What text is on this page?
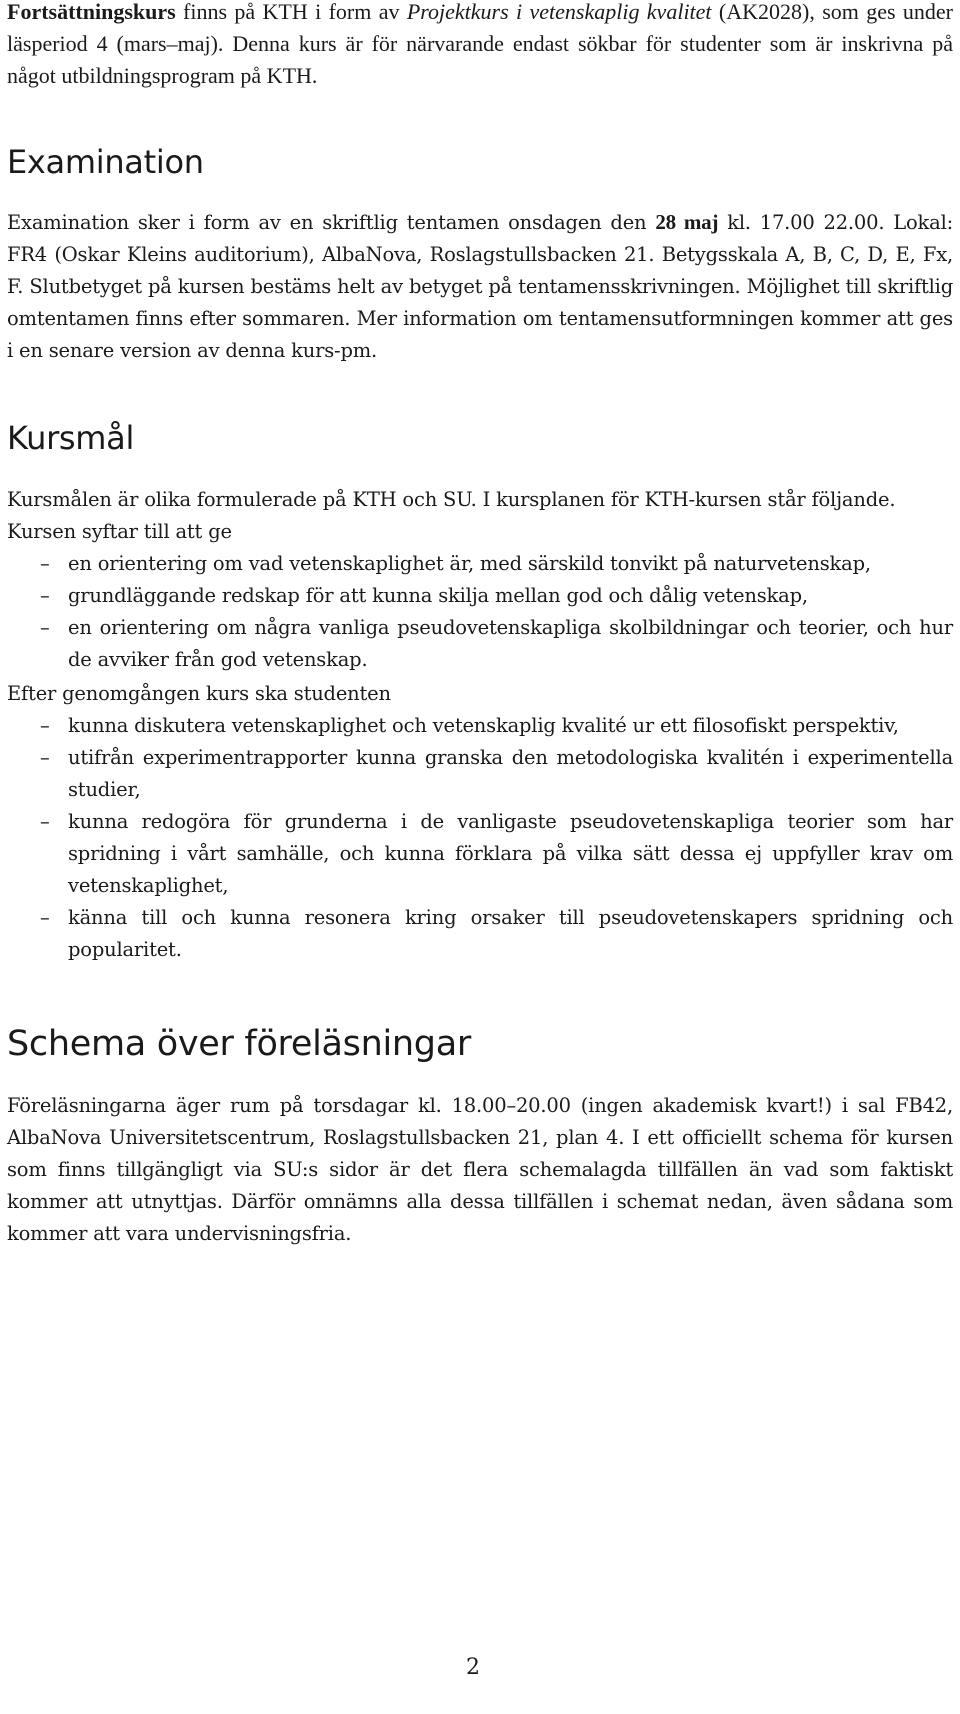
Fortsättningskurs finns på KTH i form av Projektkurs i vetenskaplig kvalitet (AK2028), som ges under läsperiod 4 (mars–maj). Denna kurs är för närvarande endast sökbar för studenter som är inskrivna på något utbildningsprogram på KTH.

Examination

Examination sker i form av en skriftlig tentamen onsdagen den 28 maj kl. 17.00 22.00. Lokal: FR4 (Oskar Kleins auditorium), AlbaNova, Roslagstullsbacken 21. Betygsskala A, B, C, D, E, Fx, F. Slutbetyget på kursen bestäms helt av betyget på tentamensskrivningen. Möjlighet till skriftlig omtentamen finns efter sommaren. Mer information om tentamensutformningen kommer att ges i en senare version av denna kurs-pm.

Kursmål

Kursmålen är olika formulerade på KTH och SU. I kursplanen för KTH-kursen står följande.

Kursen syftar till att ge

– en orientering om vad vetenskaplighet är, med särskild tonvikt på naturvetenskap,
– grundläggande redskap för att kunna skilja mellan god och dålig vetenskap,
– en orientering om några vanliga pseudovetenskapliga skolbildningar och teorier, och hur de avviker från god vetenskap.

Efter genomgången kurs ska studenten

– kunna diskutera vetenskaplighet och vetenskaplig kvalité ur ett filosofiskt perspektiv,
– utifrån experimentrapporter kunna granska den metodologiska kvalitén i experimentella studier,
– kunna redogöra för grunderna i de vanligaste pseudovetenskapliga teorier som har spridning i vårt samhälle, och kunna förklara på vilka sätt dessa ej uppfyller krav om vetenskaplighet,
– känna till och kunna resonera kring orsaker till pseudovetenskapers spridning och popularitet.
Schema över föreläsningar

Föreläsningarna äger rum på torsdagar kl. 18.00–20.00 (ingen akademisk kvart!) i sal FB42, AlbaNova Universitetscentrum, Roslagstullsbacken 21, plan 4. I ett officiellt schema för kursen som finns tillgängligt via SU:s sidor är det flera schemalagda tillfällen än vad som faktiskt kommer att utnyttjas. Därför omnämns alla dessa tillfällen i schemat nedan, även sådana som kommer att vara undervisningsfria.

2
